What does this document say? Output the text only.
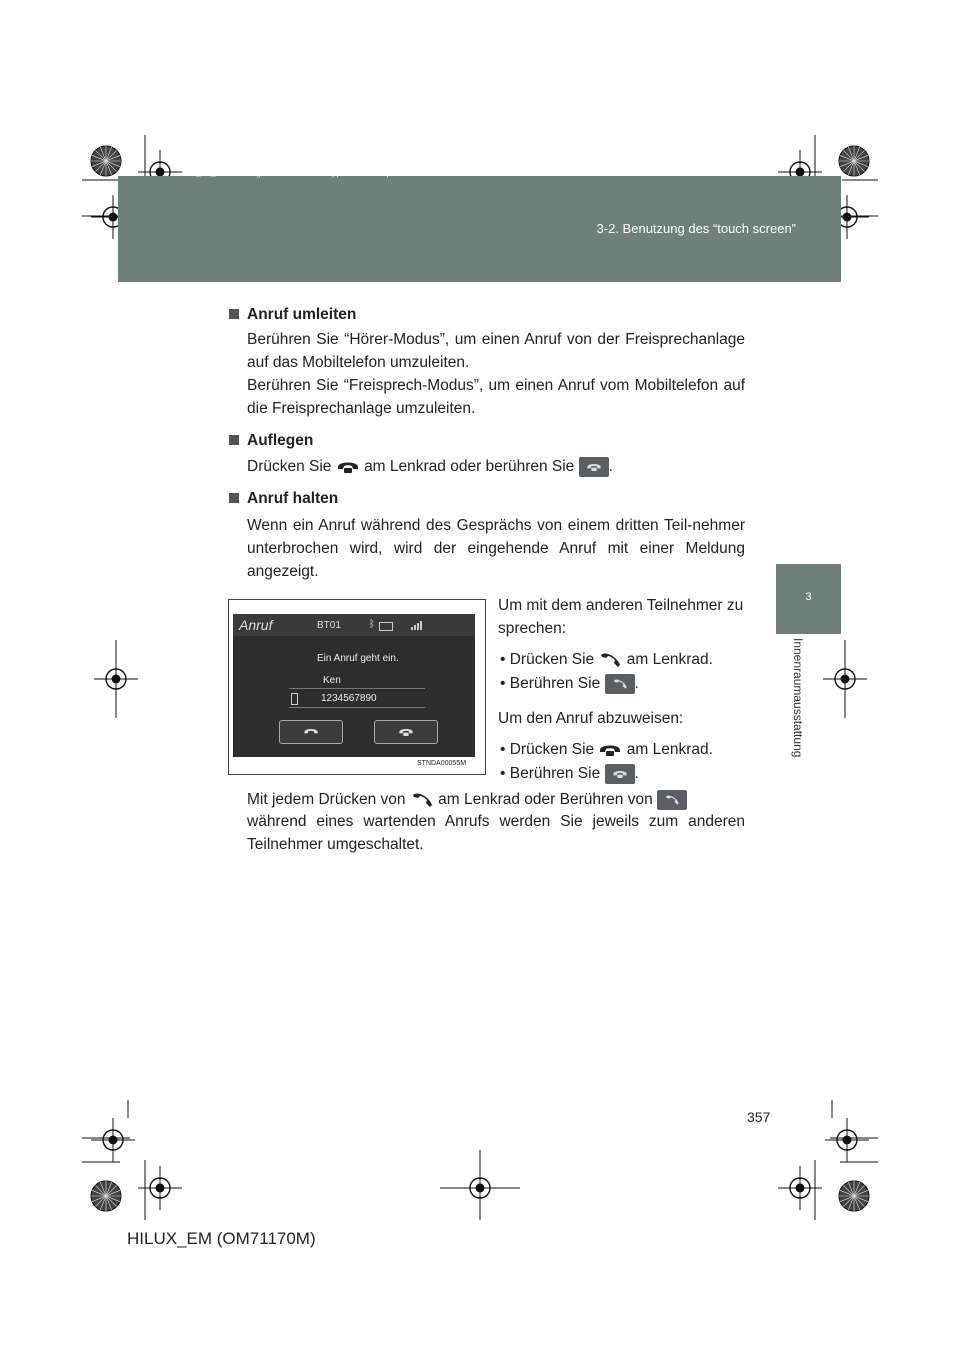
sec_03_02.fm Page 357 Wednesday, March 30, 2011 6:43 PM
3-2. Benutzung des “touch screen”
3
Innenraumausstattung
Anruf umleiten
Berühren Sie “Hörer-Modus”, um einen Anruf von der Freisprechanlage auf das Mobiltelefon umzuleiten.
Berühren Sie “Freisprech-Modus”, um einen Anruf vom Mobiltelefon auf die Freisprechanlage umzuleiten.
Auflegen
Drücken Sie am Lenkrad oder berühren Sie .
Anruf halten
Wenn ein Anruf während des Gesprächs von einem dritten Teil-nehmer unterbrochen wird, wird der eingehende Anruf mit einer Meldung angezeigt.
Anruf	BT01	ᛒ
Ein Anruf geht ein.
Ken
1234567890
STNDA00055M
Um mit dem anderen Teilnehmer zu sprechen:
• Drücken Sie am Lenkrad.
• Berühren Sie .
Um den Anruf abzuweisen:
• Drücken Sie am Lenkrad.
• Berühren Sie .
Mit jedem Drücken von am Lenkrad oder Berühren von
während eines wartenden Anrufs werden Sie jeweils zum anderen Teilnehmer umgeschaltet.
357
HILUX_EM (OM71170M)
